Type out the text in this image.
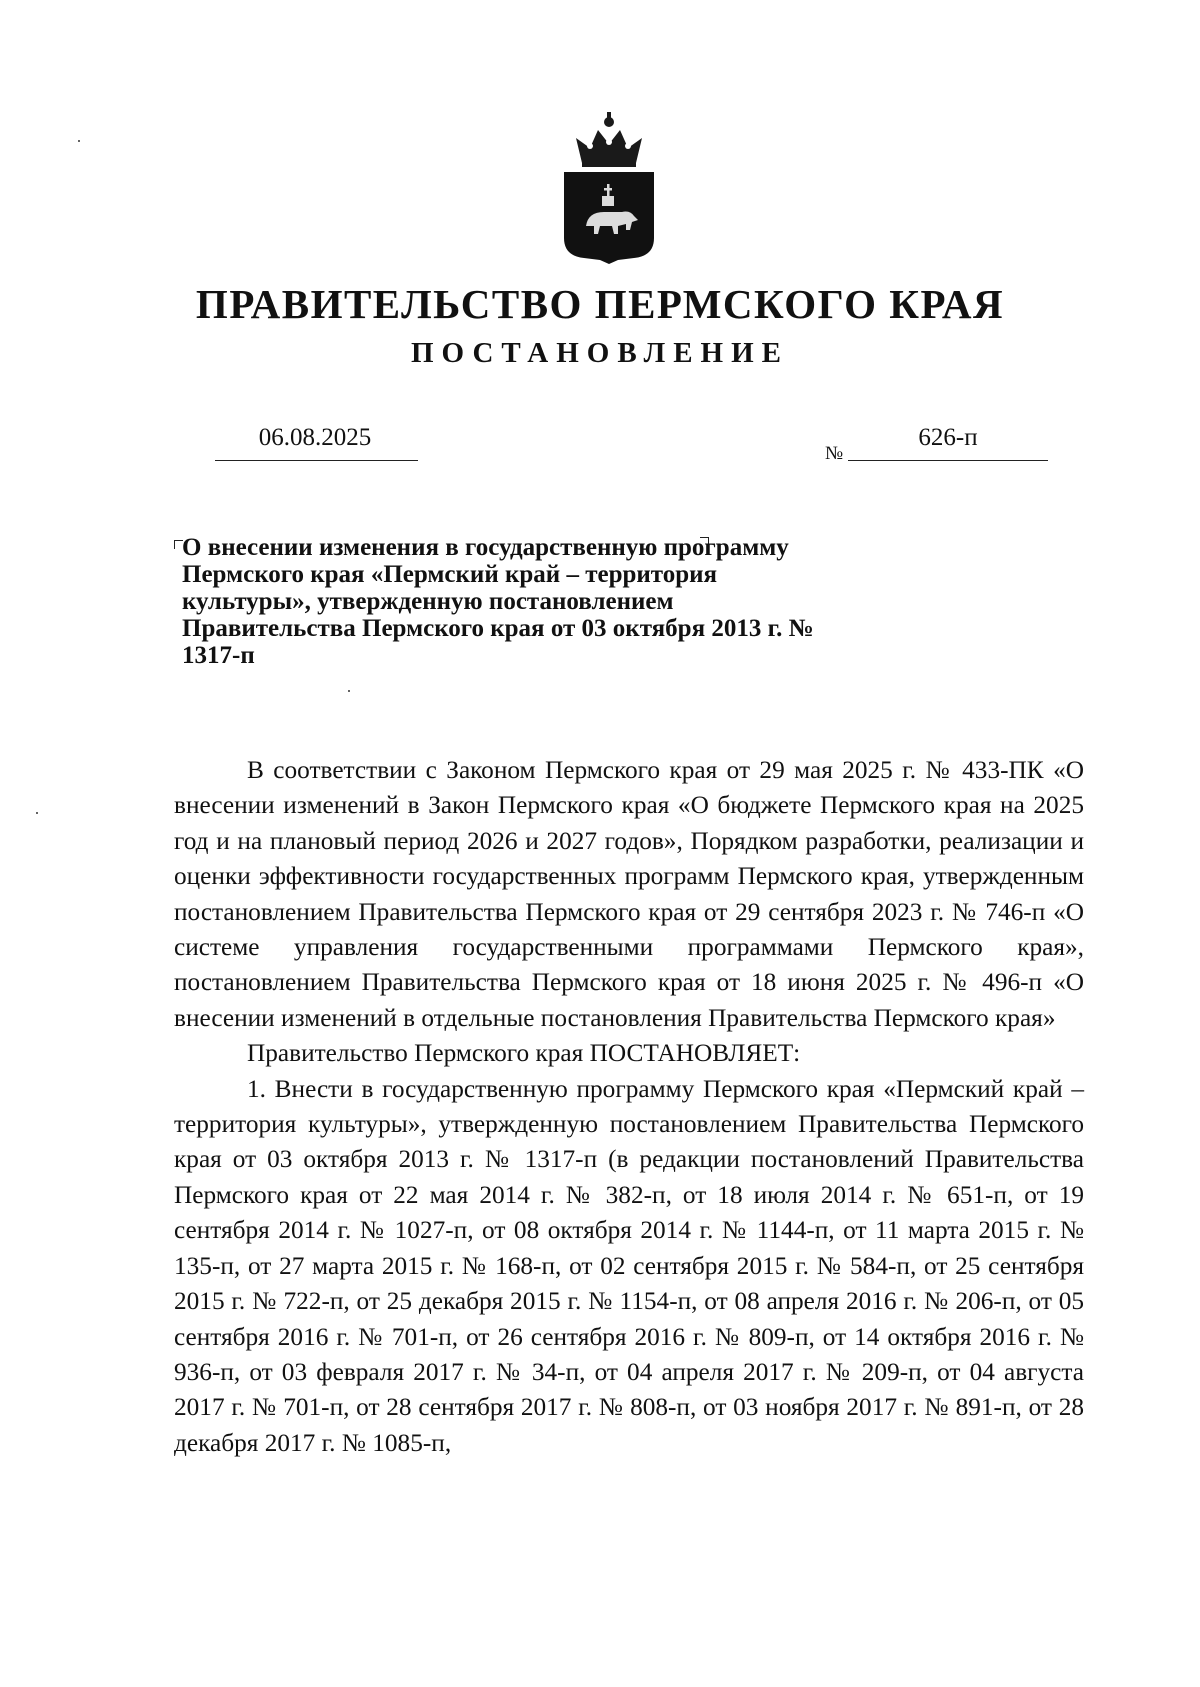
ПРАВИТЕЛЬСТВО ПЕРМСКОГО КРАЯ
ПОСТАНОВЛЕНИЕ
06.08.2025
№
626-п
О внесении изменения в государственную программу Пермского края «Пермский край – территория культуры», утвержденную постановлением Правительства Пермского края от 03 октября 2013 г. № 1317-п

В соответствии с Законом Пермского края от 29 мая 2025 г. № 433-ПК «О внесении изменений в Закон Пермского края «О бюджете Пермского края на 2025 год и на плановый период 2026 и 2027 годов», Порядком разработки, реализации и оценки эффективности государственных программ Пермского края, утвержденным постановлением Правительства Пермского края от 29 сентября 2023 г. № 746-п «О системе управления государственными программами Пермского края», постановлением Правительства Пермского края от 18 июня 2025 г. № 496-п «О внесении изменений в отдельные постановления Правительства Пермского края»

Правительство Пермского края ПОСТАНОВЛЯЕТ:

1. Внести в государственную программу Пермского края «Пермский край – территория культуры», утвержденную постановлением Правительства Пермского края от 03 октября 2013 г. № 1317-п (в редакции постановлений Правительства Пермского края от 22 мая 2014 г. № 382-п, от 18 июля 2014 г. № 651-п, от 19 сентября 2014 г. № 1027-п, от 08 октября 2014 г. № 1144-п, от 11 марта 2015 г. № 135-п, от 27 марта 2015 г. № 168-п, от 02 сентября 2015 г. № 584-п, от 25 сентября 2015 г. № 722-п, от 25 декабря 2015 г. № 1154-п, от 08 апреля 2016 г. № 206-п, от 05 сентября 2016 г. № 701-п, от 26 сентября 2016 г. № 809-п, от 14 октября 2016 г. № 936-п, от 03 февраля 2017 г. № 34-п, от 04 апреля 2017 г. № 209-п, от 04 августа 2017 г. № 701-п, от 28 сентября 2017 г. № 808-п, от 03 ноября 2017 г. № 891-п, от 28 декабря 2017 г. № 1085-п,
